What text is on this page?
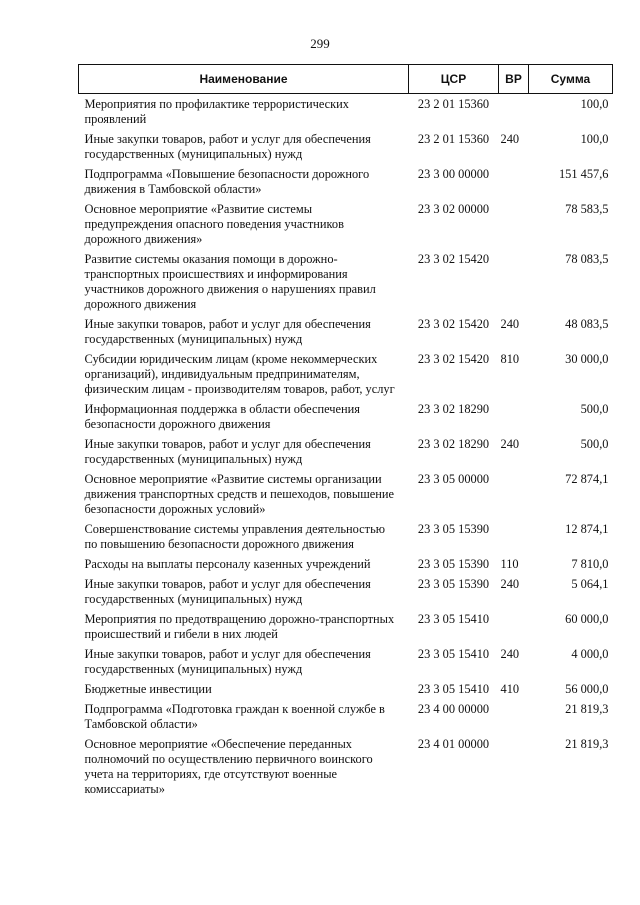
299
Наименование	ЦСР	ВР	Сумма
Мероприятия по профилактике террористических проявлений	23 2 01 15360		100,0
Иные закупки товаров, работ и услуг для обеспечения государственных (муниципальных) нужд	23 2 01 15360	240	100,0
Подпрограмма «Повышение безопасности дорожного движения в Тамбовской области»	23 3 00 00000		151 457,6
Основное мероприятие «Развитие системы предупреждения опасного поведения участников дорожного движения»	23 3 02 00000		78 583,5
Развитие системы оказания помощи в дорожно-транспортных происшествиях и информирования участников дорожного движения о нарушениях правил дорожного движения	23 3 02 15420		78 083,5
Иные закупки товаров, работ и услуг для обеспечения государственных (муниципальных) нужд	23 3 02 15420	240	48 083,5
Субсидии юридическим лицам (кроме некоммерческих организаций), индивидуальным предпринимателям, физическим лицам - производителям товаров, работ, услуг	23 3 02 15420	810	30 000,0
Информационная поддержка в области обеспечения безопасности дорожного движения	23 3 02 18290		500,0
Иные закупки товаров, работ и услуг для обеспечения государственных (муниципальных) нужд	23 3 02 18290	240	500,0
Основное мероприятие «Развитие системы организации движения транспортных средств и пешеходов, повышение безопасности дорожных условий»	23 3 05 00000		72 874,1
Совершенствование системы управления деятельностью по повышению безопасности дорожного движения	23 3 05 15390		12 874,1
Расходы на выплаты персоналу казенных учреждений	23 3 05 15390	110	7 810,0
Иные закупки товаров, работ и услуг для обеспечения государственных (муниципальных) нужд	23 3 05 15390	240	5 064,1
Мероприятия по предотвращению дорожно-транспортных происшествий и гибели в них людей	23 3 05 15410		60 000,0
Иные закупки товаров, работ и услуг для обеспечения государственных (муниципальных) нужд	23 3 05 15410	240	4 000,0
Бюджетные инвестиции	23 3 05 15410	410	56 000,0
Подпрограмма «Подготовка граждан к военной службе в Тамбовской области»	23 4 00 00000		21 819,3
Основное мероприятие «Обеспечение переданных полномочий по осуществлению первичного воинского учета на территориях, где отсутствуют военные комиссариаты»	23 4 01 00000		21 819,3
